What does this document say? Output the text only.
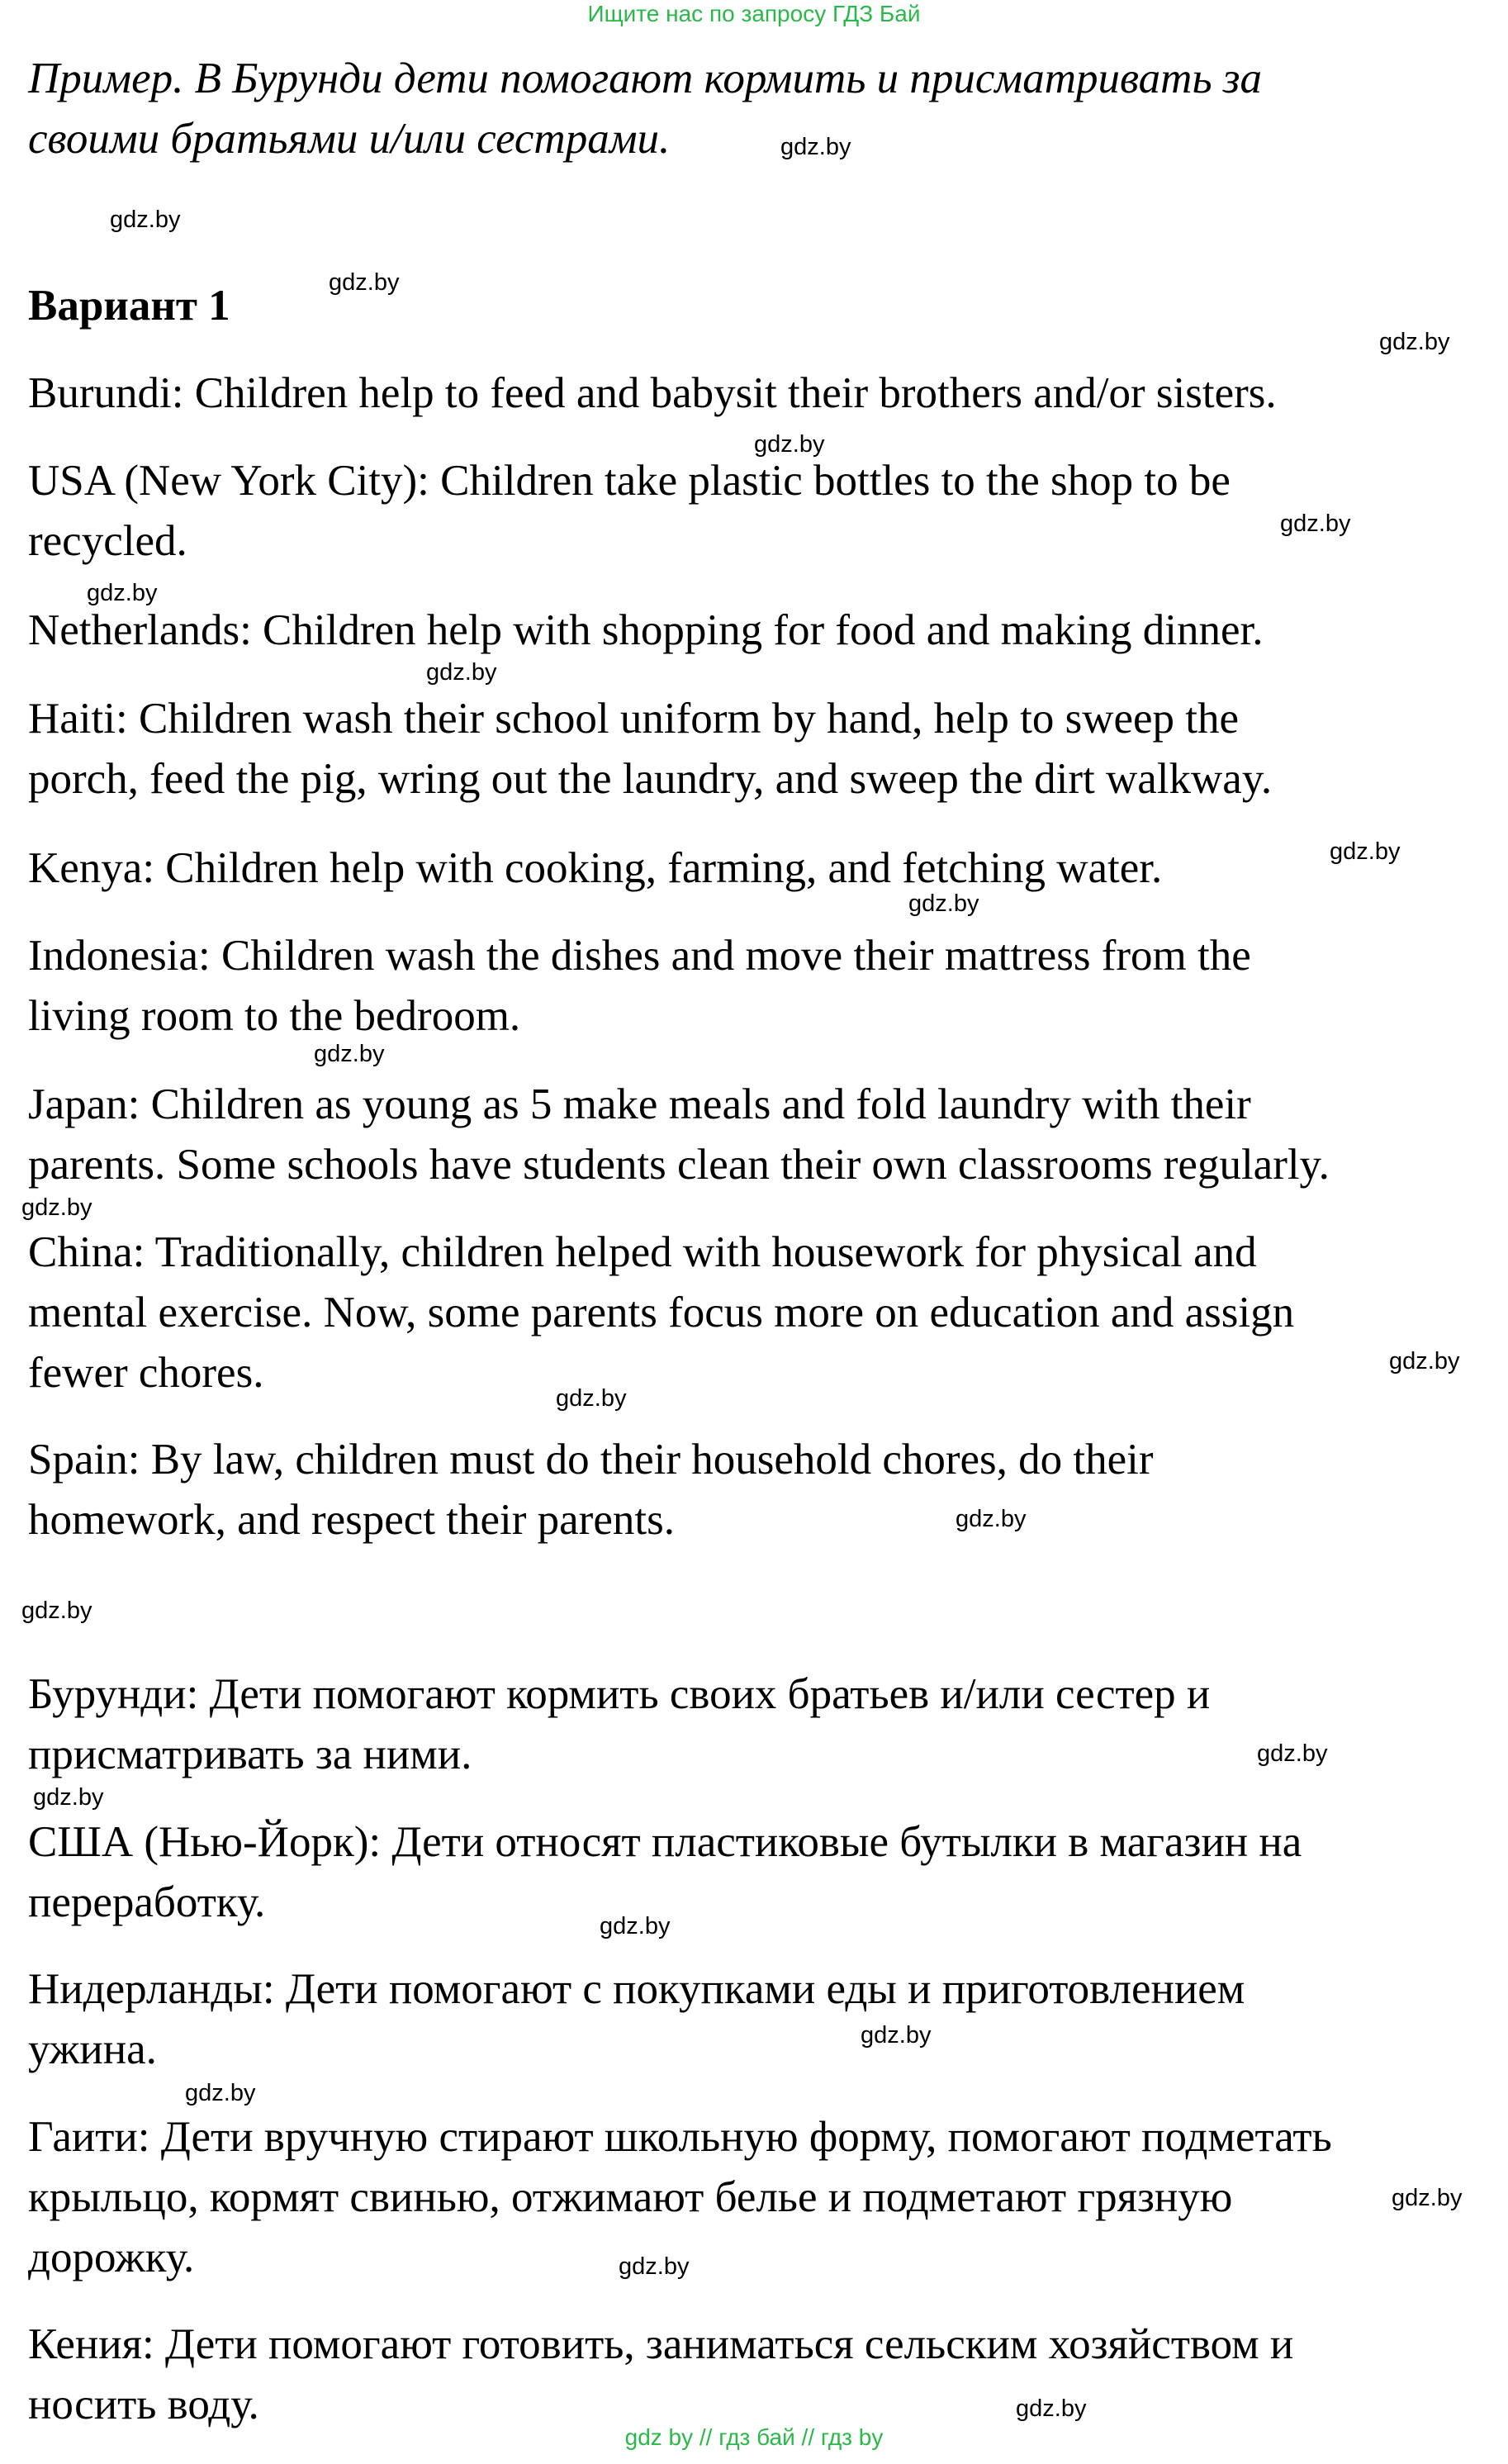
Ищите нас по запросу ГДЗ Бай
Пример. В Бурунди дети помогают кормить и присматривать за
своими братьями и/или сестрами.
Вариант 1
Burundi: Children help to feed and babysit their brothers and/or sisters.
USA (New York City): Children take plastic bottles to the shop to be
recycled.
Netherlands: Children help with shopping for food and making dinner.
Haiti: Children wash their school uniform by hand, help to sweep the
porch, feed the pig, wring out the laundry, and sweep the dirt walkway.
Kenya: Children help with cooking, farming, and fetching water.
Indonesia: Children wash the dishes and move their mattress from the
living room to the bedroom.
Japan: Children as young as 5 make meals and fold laundry with their
parents. Some schools have students clean their own classrooms regularly.
China: Traditionally, children helped with housework for physical and
mental exercise. Now, some parents focus more on education and assign
fewer chores.
Spain: By law, children must do their household chores, do their
homework, and respect their parents.
Бурунди: Дети помогают кормить своих братьев и/или сестер и
присматривать за ними.
США (Нью-Йорк): Дети относят пластиковые бутылки в магазин на
переработку.
Нидерланды: Дети помогают с покупками еды и приготовлением
ужина.
Гаити: Дети вручную стирают школьную форму, помогают подметать
крыльцо, кормят свинью, отжимают белье и подметают грязную
дорожку.
Кения: Дети помогают готовить, заниматься сельским хозяйством и
носить воду.
gdz.by
gdz.by
gdz.by
gdz.by
gdz.by
gdz.by
gdz.by
gdz.by
gdz.by
gdz.by
gdz.by
gdz.by
gdz.by
gdz.by
gdz.by
gdz.by
gdz.by
gdz.by
gdz.by
gdz.by
gdz.by
gdz.by
gdz.by
gdz.by
gdz by // гдз бай // гдз by
